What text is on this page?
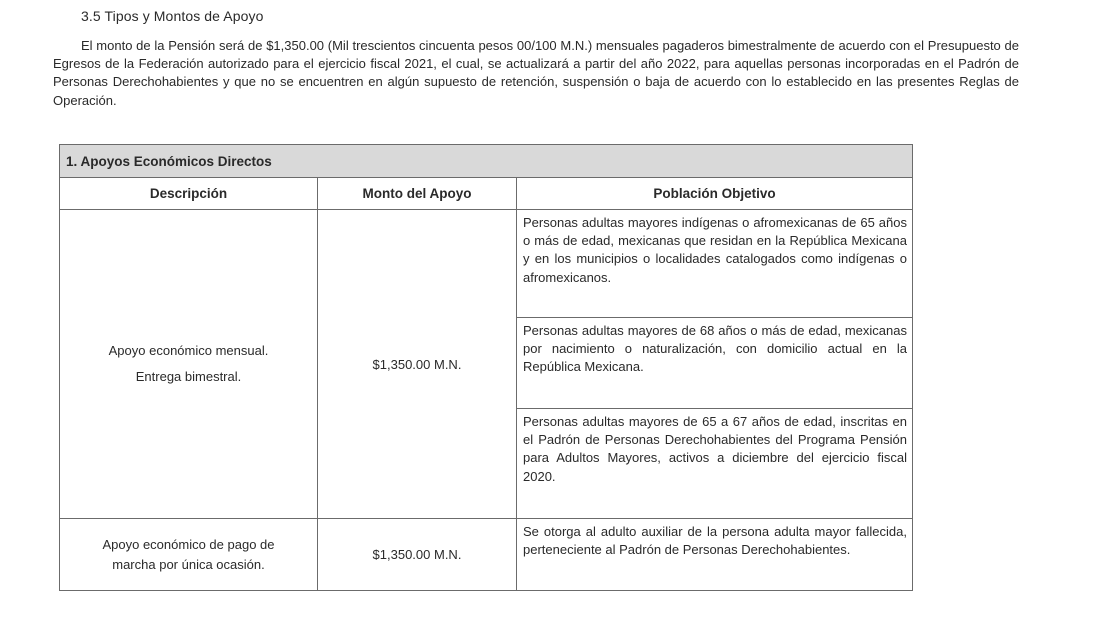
3.5 Tipos y Montos de Apoyo

El monto de la Pensión será de $1,350.00 (Mil trescientos cincuenta pesos 00/100 M.N.) mensuales pagaderos bimestralmente de acuerdo con el Presupuesto de Egresos de la Federación autorizado para el ejercicio fiscal 2021, el cual, se actualizará a partir del año 2022, para aquellas personas incorporadas en el Padrón de Personas Derechohabientes y que no se encuentren en algún supuesto de retención, suspensión o baja de acuerdo con lo establecido en las presentes Reglas de Operación.

1. Apoyos Económicos Directos		
Descripción	Monto del Apoyo	Población Objetivo

Apoyo económico mensual.
Entrega bimestral.	$1,350.00 M.N.	Personas adultas mayores indígenas o afromexicanas de 65 años o más de edad, mexicanas que residan en la República Mexicana y en los municipios o localidades catalogados como indígenas o afromexicanos.
		Personas adultas mayores de 68 años o más de edad, mexicanas por nacimiento o naturalización, con domicilio actual en la República Mexicana.
		Personas adultas mayores de 65 a 67 años de edad, inscritas en el Padrón de Personas Derechohabientes del Programa Pensión para Adultos Mayores, activos a diciembre del ejercicio fiscal 2020.

Apoyo económico de pago de
marcha por única ocasión.	$1,350.00 M.N.	Se otorga al adulto auxiliar de la persona adulta mayor fallecida, perteneciente al Padrón de Personas Derechohabientes.
